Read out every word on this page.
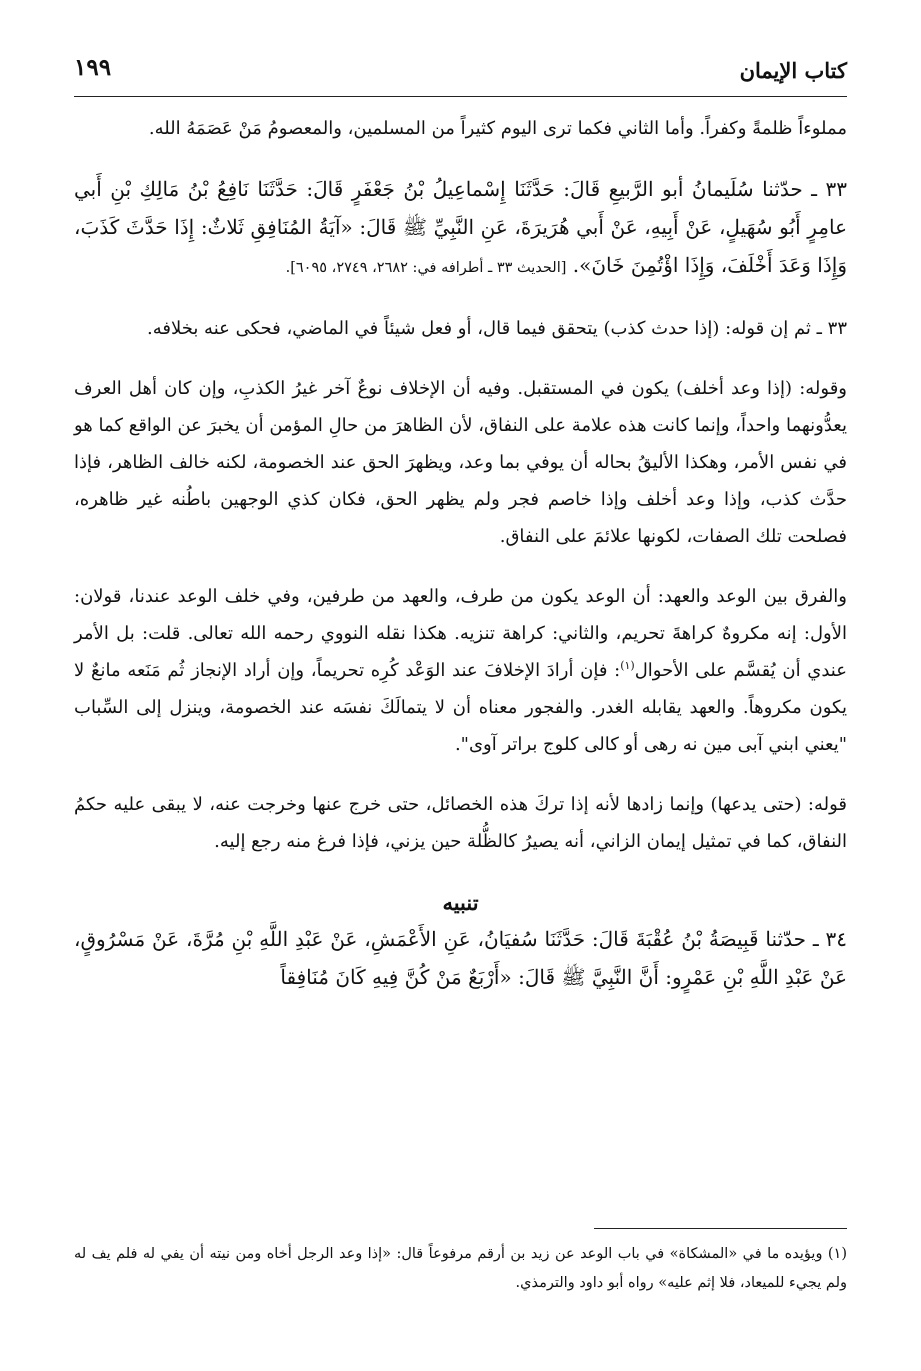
كتاب الإيمان
١٩٩

مملوءاً ظلمةً وكفراً. وأما الثاني فكما ترى اليوم كثيراً من المسلمين، والمعصومُ مَنْ عَصَمَهُ الله.

٣٣ ـ حدّثنا سُلَيمانُ أبو الرَّبيعِ قَالَ: حَدَّثَنَا إِسْماعِيلُ بْنُ جَعْفَرٍ قَالَ: حَدَّثَنَا نَافِعُ بْنُ مَالِكِ بْنِ أَبي عامِرٍ أَبُو سُهَيلٍ، عَنْ أَبِيهِ، عَنْ أَبي هُرَيرَةَ، عَنِ النَّبِيِّ ﷺ قَالَ: «آيَةُ المُنَافِقِ ثَلاثٌ: إِذَا حَدَّثَ كَذَبَ، وَإِذَا وَعَدَ أَخْلَفَ، وَإِذَا اؤْتُمِنَ خَانَ». [الحديث ٣٣ ـ أطرافه في: ٢٦٨٢، ٢٧٤٩، ٦٠٩٥].

٣٣ ـ ثم إن قوله: (إذا حدث كذب) يتحقق فيما قال، أو فعل شيئاً في الماضي، فحكى عنه بخلافه.

وقوله: (إذا وعد أخلف) يكون في المستقبل. وفيه أن الإخلاف نوعٌ آخر غيرُ الكذبِ، وإن كان أهل العرف يعدُّونهما واحداً، وإنما كانت هذه علامة على النفاق، لأن الظاهرَ من حالِ المؤمن أن يخبرَ عن الواقع كما هو في نفس الأمر، وهكذا الأليقُ بحاله أن يوفي بما وعد، ويظهرَ الحق عند الخصومة، لكنه خالف الظاهر، فإذا حدَّث كذب، وإذا وعد أخلف وإذا خاصم فجر ولم يظهر الحق، فكان كذي الوجهين باطُنه غير ظاهره، فصلحت تلك الصفات، لكونها علائمَ على النفاق.

والفرق بين الوعد والعهد: أن الوعد يكون من طرف، والعهد من طرفين، وفي خلف الوعد عندنا، قولان: الأول: إنه مكروهٌ كراهةَ تحريم، والثاني: كراهة تنزيه. هكذا نقله النووي رحمه الله تعالى. قلت: بل الأمر عندي أن يُقسَّم على الأحوال$^{(١)}$: فإن أرادَ الإخلافَ عند الوَعْد كُرِه تحريماً، وإن أراد الإنجاز ثُم مَنَعه مانعٌ لا يكون مكروهاً. والعهد يقابله الغدر. والفجور معناه أن لا يتمالَكَ نفسَه عند الخصومة، وينزل إلى السِّباب "يعني ابني آبى مين نه رهى أو كالى كلوج براتر آوى".

قوله: (حتى يدعها) وإنما زادها لأنه إذا تركَ هذه الخصائل، حتى خرج عنها وخرجت عنه، لا يبقى عليه حكمُ النفاق، كما في تمثيل إيمان الزاني، أنه يصيرُ كالظُّلة حين يزني، فإذا فرغ منه رجع إليه.

تنبيه

٣٤ ـ حدّثنا قَبِيصَةُ بْنُ عُقْبَةَ قَالَ: حَدَّثَنَا سُفيَانُ، عَنِ الأَعْمَشِ، عَنْ عَبْدِ اللَّهِ بْنِ مُرَّةَ، عَنْ مَسْرُوقٍ، عَنْ عَبْدِ اللَّهِ بْنِ عَمْرٍو: أَنَّ النَّبِيَّ ﷺ قَالَ: «أَرْبَعٌ مَنْ كُنَّ فِيهِ كَانَ مُنَافِقاً

(١) ويؤيده ما في «المشكاة» في باب الوعد عن زيد بن أرقم مرفوعاً قال: «إذا وعد الرجل أخاه ومن نيته أن يفي له فلم يف له ولم يجيء للميعاد، فلا إثم عليه» رواه أبو داود والترمذي.
